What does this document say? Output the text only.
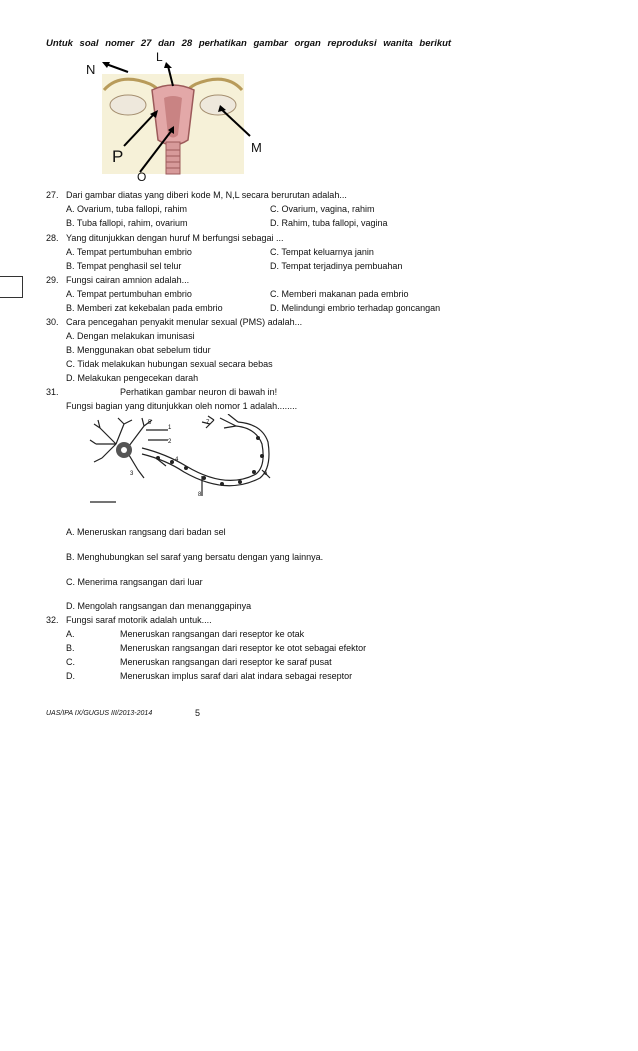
Untuk soal nomer 27 dan 28 perhatikan gambar organ reproduksi wanita berikut
N
L
M
P
O
27. Dari gambar diatas yang diberi kode M, N,L secara berurutan adalah...
A. Ovarium, tuba fallopi, rahim	C. Ovarium, vagina, rahim
B. Tuba fallopi, rahim, ovarium	D. Rahim, tuba fallopi, vagina
28. Yang ditunjukkan dengan huruf M berfungsi sebagai ...
A. Tempat pertumbuhan embrio	C. Tempat keluarnya janin
B. Tempat penghasil sel telur	D. Tempat terjadinya pembuahan
29. Fungsi cairan amnion adalah...
A. Tempat pertumbuhan embrio	C. Memberi makanan pada embrio
B. Memberi zat kekebalan pada embrio	D. Melindungi embrio terhadap goncangan
30. Cara pencegahan penyakit menular sexual (PMS) adalah...
A. Dengan melakukan imunisasi
B. Menggunakan obat sebelum tidur
C. Tidak melakukan hubungan sexual secara bebas
D. Melakukan pengecekan darah
31.	Perhatikan gambar neuron di bawah in!
Fungsi bagian yang ditunjukkan oleh nomor 1 adalah........
1
2
3
4
5
6
7
8
A. Meneruskan rangsang dari badan sel
B. Menghubungkan sel saraf yang bersatu dengan yang lainnya.
C. Menerima rangsangan dari luar
D. Mengolah rangsangan dan menanggapinya
32. Fungsi saraf motorik adalah untuk....
A.	Meneruskan rangsangan dari reseptor ke otak
B.	Meneruskan rangsangan dari reseptor ke otot sebagai efektor
C.	Meneruskan rangsangan dari reseptor ke saraf pusat
D.	Meneruskan implus saraf dari alat indara sebagai reseptor
UAS/IPA IX/GUGUS III/2013-2014	5
